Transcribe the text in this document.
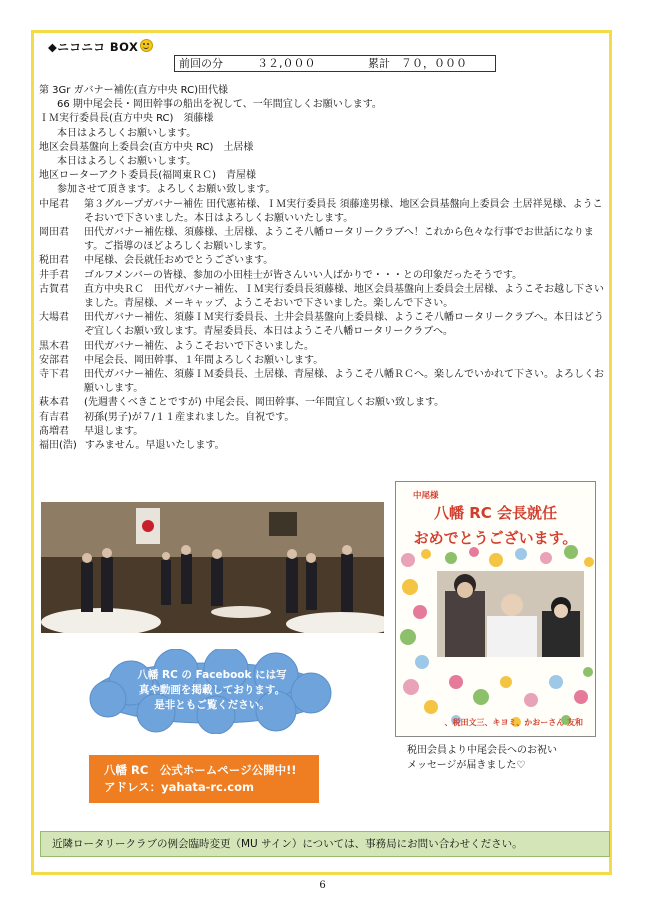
◆ニコニコ BOX
前回の分	３２,０００	累計 ７０，０００
第 3Gr ガバナー補佐(直方中央 RC)田代様
66 期中尾会長・岡田幹事の船出を祝して、一年間宜しくお願いします。
ＩＭ実行委員長(直方中央 RC)　須藤様
本日はよろしくお願いします。
地区会員基盤向上委員会(直方中央 RC)　土居様
本日はよろしくお願いします。
地区ローターアクト委員長(福岡東ＲＣ)　青屋様
参加させて頂きます。よろしくお願い致します。
中尾君	第３グループガバナー補佐 田代憲祐様、ＩＭ実行委員長 須藤達男様、地区会員基盤向上委員会 土居祥晃様、ようこそおいで下さいました。本日はよろしくお願いいたします。
岡田君	田代ガバナー補佐様、須藤様、土居様、ようこそ八幡ロータリークラブへ！これから色々な行事でお世話になります。ご指導のほどよろしくお願いします。
税田君	中尾様、会長就任おめでとうございます。
井手君	ゴルフメンバーの皆様、参加の小田桂士が皆さんいい人ばかりで・・・との印象だったそうです。
古賀君	直方中央ＲＣ　田代ガバナー補佐、ＩＭ実行委員長須藤様、地区会員基盤向上委員会土居様、ようこそお越し下さいました。青屋様、メーキャップ、ようこそおいで下さいました。楽しんで下さい。
大場君	田代ガバナー補佐、須藤ＩＭ実行委員長、土井会員基盤向上委員様、ようこそ八幡ロータリークラブへ。本日はどうぞ宜しくお願い致します。青屋委員長、本日はようこそ八幡ロータリークラブへ。
黒木君	田代ガバナー補佐、ようこそおいで下さいました。
安部君	中尾会長、岡田幹事、１年間よろしくお願いします。
寺下君	田代ガバナー補佐、須藤ＩＭ委員長、土居様、青屋様、ようこそ八幡ＲＣへ。楽しんでいかれて下さい。よろしくお願いします。
萩本君	(先週書くべきことですが) 中尾会長、岡田幹事、一年間宜しくお願い致します。
有吉君	初孫(男子)が７/１１産まれました。自祝です。
髙増君	早退します。
福田(浩) すみません。早退いたします。
八幡 RC の Facebook には写
真や動画を掲載しております。
是非ともご覧ください。
八幡 RC　公式ホームページ公開中!!
アドレス：yahata-rc.com
中尾様
八幡 RC 会長就任
おめでとうございます。
、税田文三、キヨミ、かおーさん 友和
税田会員より中尾会長へのお祝い
メッセージが届きました♡
近隣ロータリークラブの例会臨時変更（MU サイン）については、事務局にお問い合わせください。
6
